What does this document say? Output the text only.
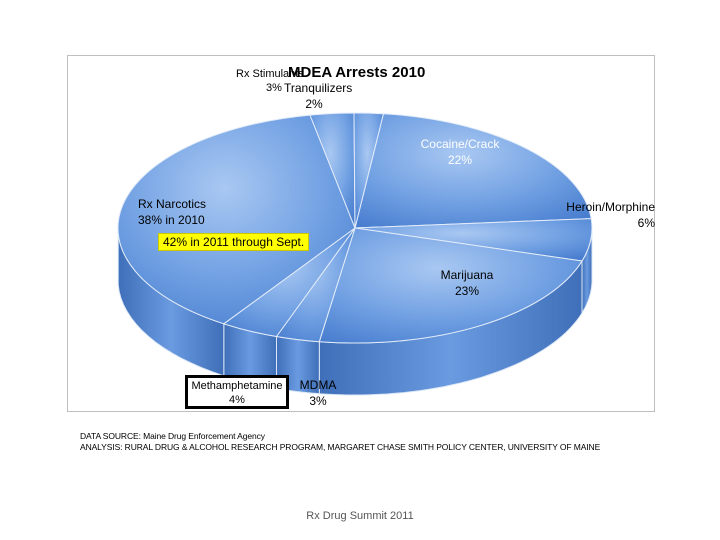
MDEA Arrests 2010
Rx Stimulants
3% Tranquilizers
2%
Cocaine/Crack
22%
Heroin/Morphine
6%
Marijuana
23%
MDMA
3%
Methamphetamine
4%
Rx Narcotics
38% in 2010
42% in 2011 through Sept.
DATA SOURCE: Maine Drug Enforcement Agency
ANALYSIS: RURAL DRUG & ALCOHOL RESEARCH PROGRAM, MARGARET CHASE SMITH POLICY CENTER, UNIVERSITY OF MAINE
Rx Drug Summit 2011
